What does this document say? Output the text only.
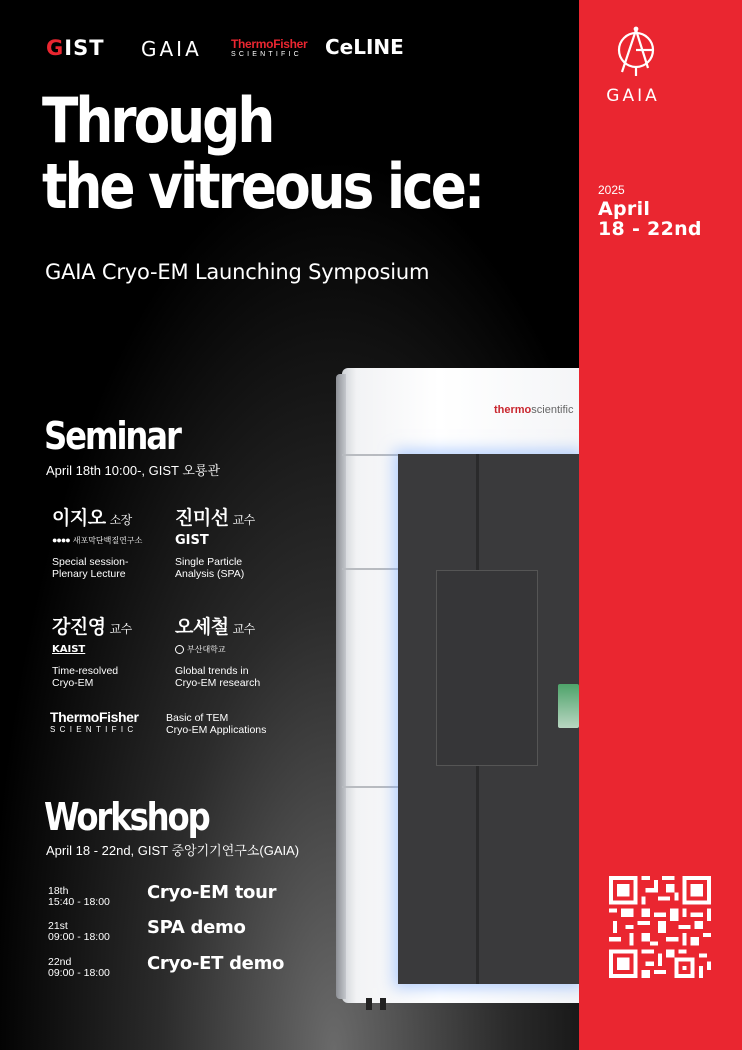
GIST GAIA ThermoFisher
SCIENTIFIC CeLINE
Through
the vitreous ice:
GAIA Cryo-EM Launching Symposium
thermoscientific
Seminar
April 18th 10:00-, GIST 오룡관
이지오 소장
●●●● 새포막단백질연구소
Special session-
Plenary Lecture
진미선 교수
GIST
Single Particle
Analysis (SPA)
강진영 교수
KAIST
Time-resolved
Cryo-EM
오세철 교수
부산대학교
Global trends in
Cryo-EM research
ThermoFisher
SCIENTIFIC
Basic of TEM
Cryo-EM Applications
Workshop
April 18 - 22nd, GIST 중앙기기연구소(GAIA)
18th
15:40 - 18:00	Cryo-EM tour
21st
09:00 - 18:00	SPA demo
22nd
09:00 - 18:00	Cryo-ET demo
GAIA
2025
April
18 - 22nd
